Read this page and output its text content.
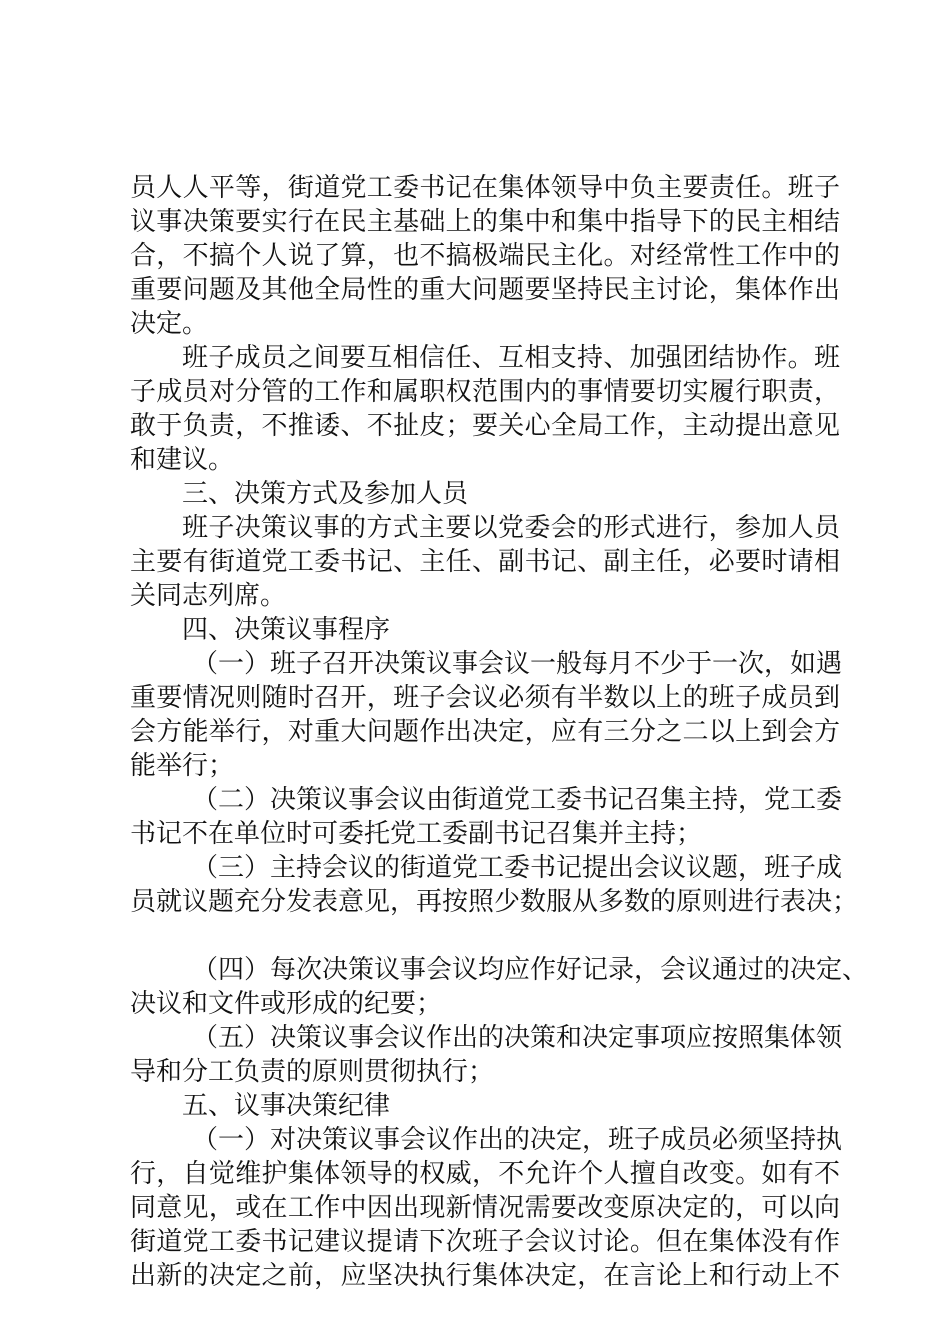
员人人平等，街道党工委书记在集体领导中负主要责任。班子
议事决策要实行在民主基础上的集中和集中指导下的民主相结
合，不搞个人说了算，也不搞极端民主化。对经常性工作中的
重要问题及其他全局性的重大问题要坚持民主讨论，集体作出
决定。
班子成员之间要互相信任、互相支持、加强团结协作。班
子成员对分管的工作和属职权范围内的事情要切实履行职责，
敢于负责，不推诿、不扯皮；要关心全局工作，主动提出意见
和建议。
三、决策方式及参加人员
班子决策议事的方式主要以党委会的形式进行，参加人员
主要有街道党工委书记、主任、副书记、副主任，必要时请相
关同志列席。
四、决策议事程序
（一）班子召开决策议事会议一般每月不少于一次，如遇
重要情况则随时召开，班子会议必须有半数以上的班子成员到
会方能举行，对重大问题作出决定，应有三分之二以上到会方
能举行；
（二）决策议事会议由街道党工委书记召集主持，党工委
书记不在单位时可委托党工委副书记召集并主持；
（三）主持会议的街道党工委书记提出会议议题，班子成
员就议题充分发表意见，再按照少数服从多数的原则进行表决；
（四）每次决策议事会议均应作好记录，会议通过的决定、
决议和文件或形成的纪要；
（五）决策议事会议作出的决策和决定事项应按照集体领
导和分工负责的原则贯彻执行；
五、议事决策纪律
（一）对决策议事会议作出的决定，班子成员必须坚持执
行，自觉维护集体领导的权威，不允许个人擅自改变。如有不
同意见，或在工作中因出现新情况需要改变原决定的，可以向
街道党工委书记建议提请下次班子会议讨论。但在集体没有作
出新的决定之前，应坚决执行集体决定，在言论上和行动上不
